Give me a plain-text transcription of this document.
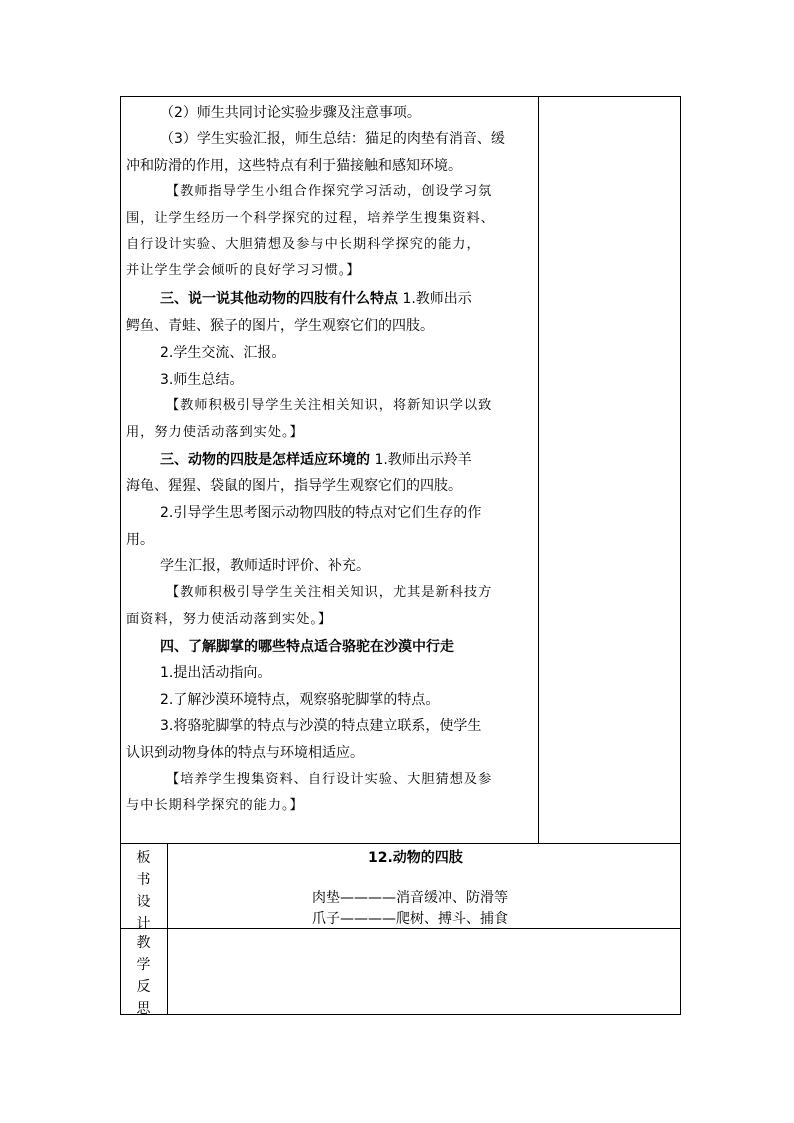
（2）师生共同讨论实验步骤及注意事项。
（3）学生实验汇报，师生总结：猫足的肉垫有消音、缓
冲和防滑的作用，这些特点有利于猫接触和感知环境。
【教师指导学生小组合作探究学习活动，创设学习氛
围，让学生经历一个科学探究的过程，培养学生搜集资料、
自行设计实验、大胆猜想及参与中长期科学探究的能力，
并让学生学会倾听的良好学习习惯。】
三、说一说其他动物的四肢有什么特点 1.教师出示
鳄鱼、青蛙、猴子的图片，学生观察它们的四肢。
2.学生交流、汇报。
3.师生总结。
【教师积极引导学生关注相关知识，将新知识学以致
用，努力使活动落到实处。】
三、动物的四肢是怎样适应环境的 1.教师出示羚羊
海龟、猩猩、袋鼠的图片，指导学生观察它们的四肢。
2.引导学生思考图示动物四肢的特点对它们生存的作
用。
学生汇报，教师适时评价、补充。
【教师积极引导学生关注相关知识，尤其是新科技方
面资料，努力使活动落到实处。】
四、了解脚掌的哪些特点适合骆驼在沙漠中行走
1.提出活动指向。
2.了解沙漠环境特点，观察骆驼脚掌的特点。
3.将骆驼脚掌的特点与沙漠的特点建立联系，使学生
认识到动物身体的特点与环境相适应。
【培养学生搜集资料、自行设计实验、大胆猜想及参
与中长期科学探究的能力。】
板
书
设
计
12.动物的四肢
肉垫————消音缓冲、防滑等
爪子————爬树、搏斗、捕食
教
学
反
思
